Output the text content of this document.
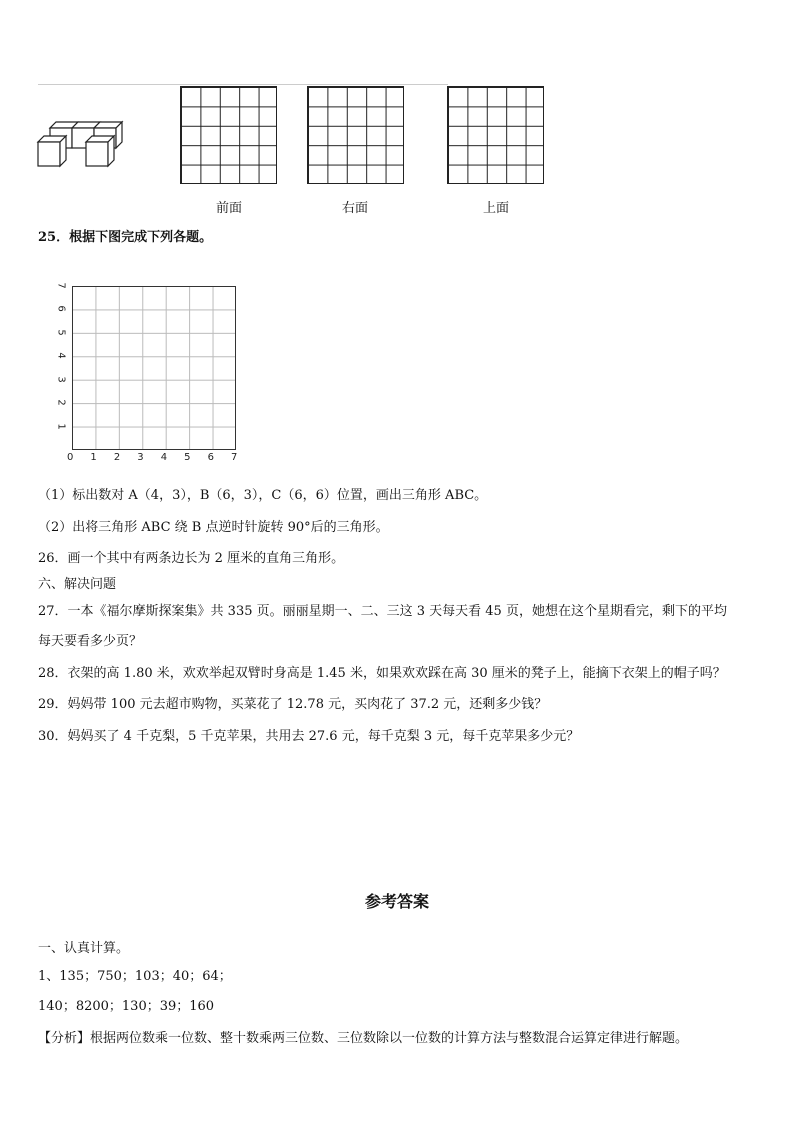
前面	右面	上面
25．根据下图完成下列各题。
0 1 2 3 4 5 6 7
1
2
3
4
5
6
7
（1）标出数对 A（4，3），B（6，3），C（6，6）位置，画出三角形 ABC。
（2）出将三角形 ABC 绕 B 点逆时针旋转 90°后的三角形。
26．画一个其中有两条边长为 2 厘米的直角三角形。
六、解决问题
27．一本《福尔摩斯探案集》共 335 页。丽丽星期一、二、三这 3 天每天看 45 页，她想在这个星期看完，剩下的平均
每天要看多少页？
28．衣架的高 1.80 米，欢欢举起双臂时身高是 1.45 米，如果欢欢踩在高 30 厘米的凳子上，能摘下衣架上的帽子吗？
29．妈妈带 100 元去超市购物，买菜花了 12.78 元，买肉花了 37.2 元，还剩多少钱？
30．妈妈买了 4 千克梨，5 千克苹果，共用去 27.6 元，每千克梨 3 元，每千克苹果多少元？
参考答案
一、认真计算。
1、135；750；103；40；64；
140；8200；130；39；160
【分析】根据两位数乘一位数、整十数乘两三位数、三位数除以一位数的计算方法与整数混合运算定律进行解题。
